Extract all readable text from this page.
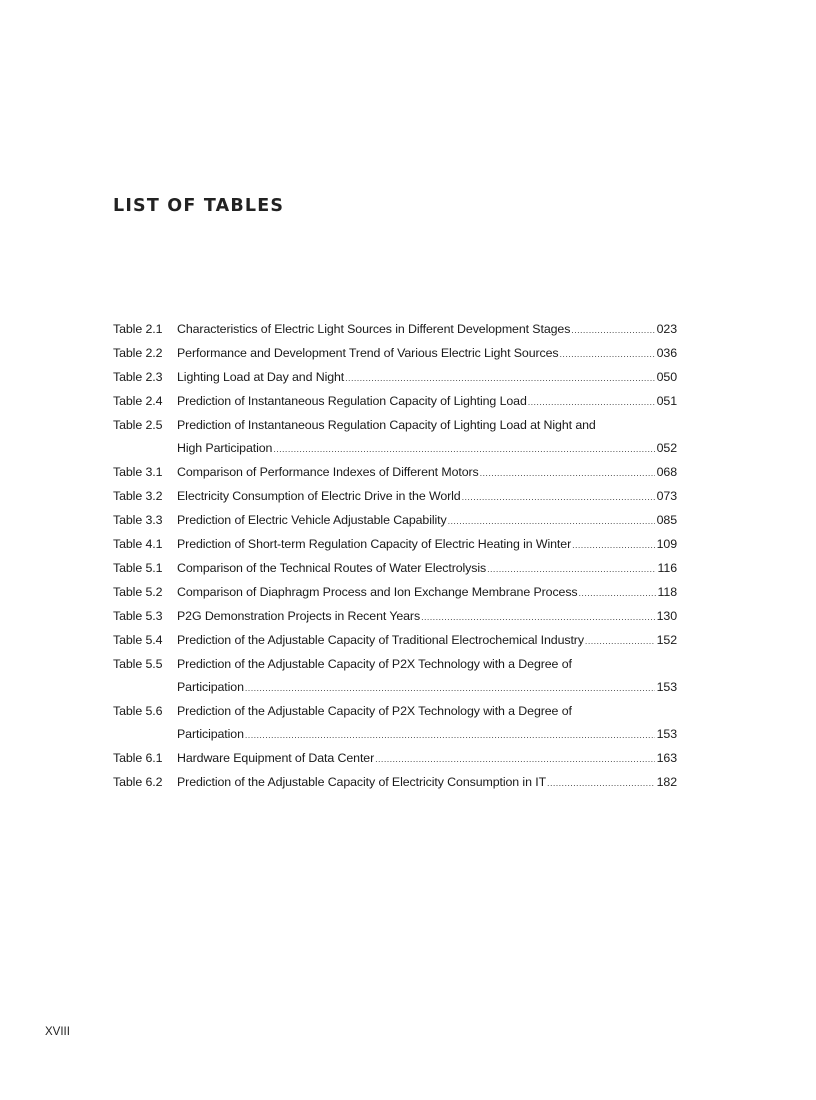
LIST OF TABLES
Table 2.1	Characteristics of Electric Light Sources in Different Development Stages .....	023
Table 2.2	Performance and Development Trend of Various Electric Light Sources .....	036
Table 2.3	Lighting Load at Day and Night .....	050
Table 2.4	Prediction of Instantaneous Regulation Capacity of Lighting Load .....	051
Table 2.5	Prediction of Instantaneous Regulation Capacity of Lighting Load at Night and
High Participation .....	052
Table 3.1	Comparison of Performance Indexes of Different Motors .....	068
Table 3.2	Electricity Consumption of Electric Drive in the World .....	073
Table 3.3	Prediction of Electric Vehicle Adjustable Capability .....	085
Table 4.1	Prediction of Short-term Regulation Capacity of Electric Heating in Winter .....	109
Table 5.1	Comparison of the Technical Routes of Water Electrolysis .....	116
Table 5.2	Comparison of Diaphragm Process and Ion Exchange Membrane Process .....	118
Table 5.3	P2G Demonstration Projects in Recent Years .....	130
Table 5.4	Prediction of the Adjustable Capacity of Traditional Electrochemical Industry .....	152
Table 5.5	Prediction of the Adjustable Capacity of P2X Technology with a Degree of
Participation .....	153
Table 5.6	Prediction of the Adjustable Capacity of P2X Technology with a Degree of
Participation .....	153
Table 6.1	Hardware Equipment of Data Center .....	163
Table 6.2	Prediction of the Adjustable Capacity of Electricity Consumption in IT .....	182
XVIII
